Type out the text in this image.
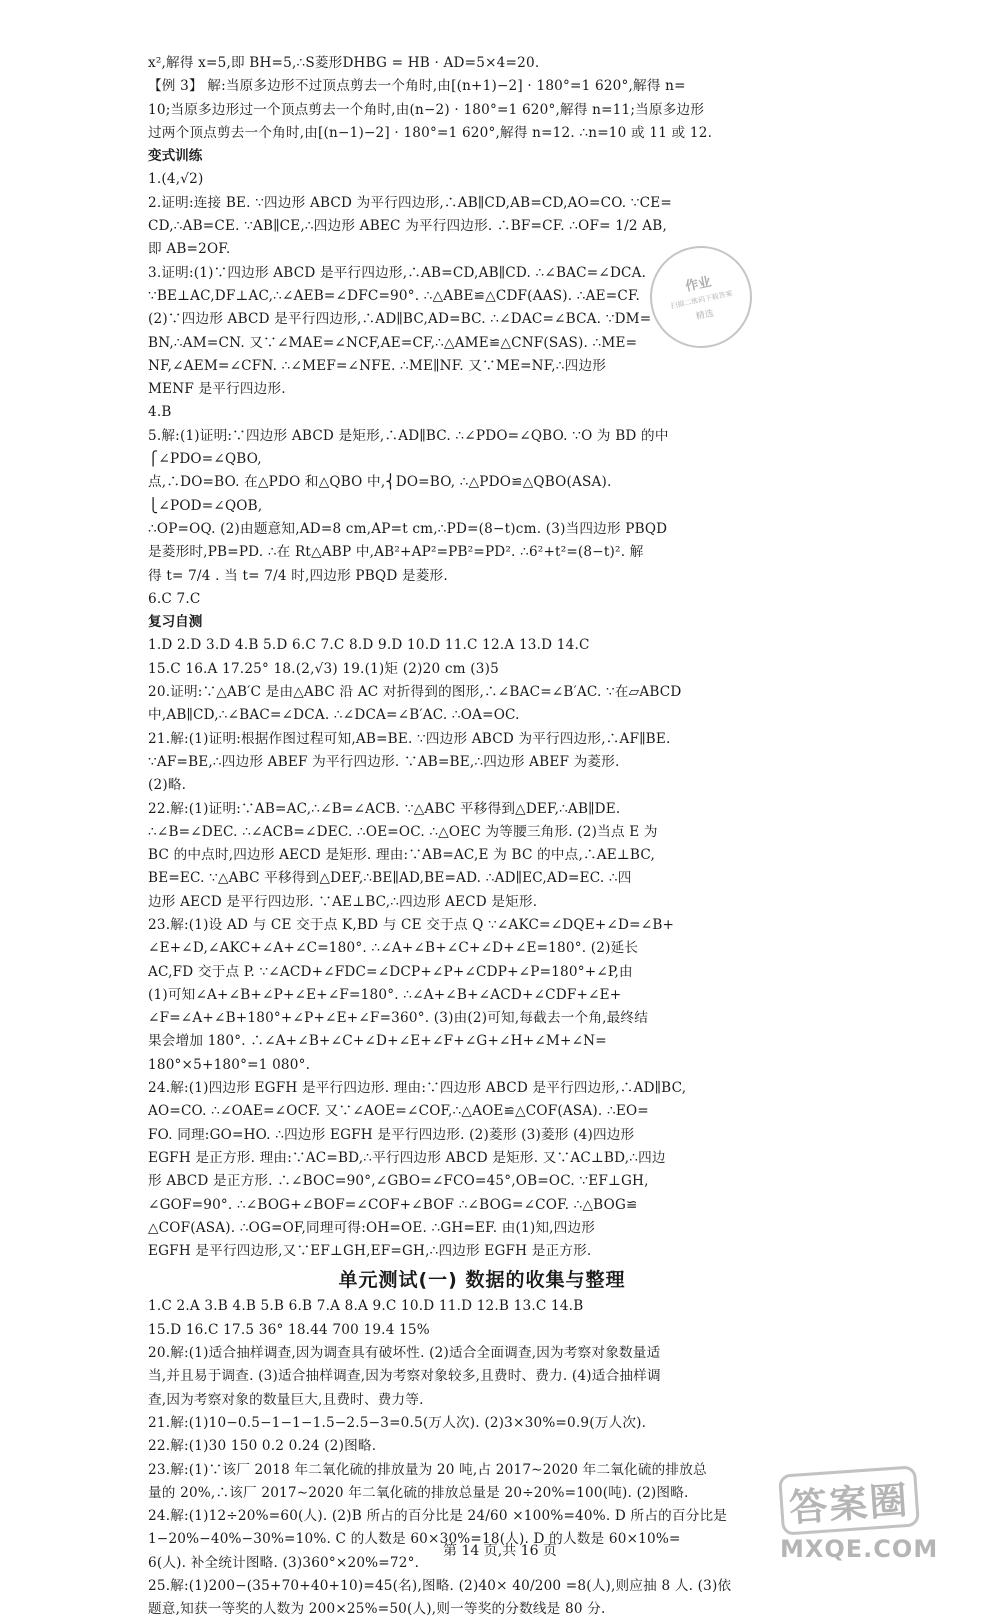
x²,解得 x=5,即 BH=5,∴S菱形DHBG = HB · AD=5×4=20.
【例 3】 解:当原多边形不过顶点剪去一个角时,由[(n+1)−2] · 180°=1 620°,解得 n=
10;当原多边形过一个顶点剪去一个角时,由(n−2) · 180°=1 620°,解得 n=11;当原多边形
过两个顶点剪去一个角时,由[(n−1)−2] · 180°=1 620°,解得 n=12. ∴n=10 或 11 或 12.
变式训练
1.(4,√2)
2.证明:连接 BE. ∵四边形 ABCD 为平行四边形,∴AB∥CD,AB=CD,AO=CO. ∵CE=
CD,∴AB=CE. ∵AB∥CE,∴四边形 ABEC 为平行四边形. ∴BF=CF. ∴OF= 1/2 AB,
即 AB=2OF.
3.证明:(1)∵四边形 ABCD 是平行四边形,∴AB=CD,AB∥CD. ∴∠BAC=∠DCA.
∵BE⊥AC,DF⊥AC,∴∠AEB=∠DFC=90°. ∴△ABE≌△CDF(AAS). ∴AE=CF.
(2)∵四边形 ABCD 是平行四边形,∴AD∥BC,AD=BC. ∴∠DAC=∠BCA. ∵DM=
BN,∴AM=CN. 又∵∠MAE=∠NCF,AE=CF,∴△AME≌△CNF(SAS). ∴ME=
NF,∠AEM=∠CFN. ∴∠MEF=∠NFE. ∴ME∥NF. 又∵ME=NF,∴四边形
MENF 是平行四边形.
4.B
5.解:(1)证明:∵四边形 ABCD 是矩形,∴AD∥BC. ∴∠PDO=∠QBO. ∵O 为 BD 的中
⎧∠PDO=∠QBO,
点,∴DO=BO. 在△PDO 和△QBO 中,⎨DO=BO, ∴△PDO≌△QBO(ASA).
⎩∠POD=∠QOB,
∴OP=OQ. (2)由题意知,AD=8 cm,AP=t cm,∴PD=(8−t)cm. (3)当四边形 PBQD
是菱形时,PB=PD. ∴在 Rt△ABP 中,AB²+AP²=PB²=PD². ∴6²+t²=(8−t)². 解
得 t= 7/4 . 当 t= 7/4 时,四边形 PBQD 是菱形.
6.C 7.C
复习自测
1.D 2.D 3.D 4.B 5.D 6.C 7.C 8.D 9.D 10.D 11.C 12.A 13.D 14.C
15.C 16.A 17.25° 18.(2,√3) 19.(1)矩 (2)20 cm (3)5
20.证明:∵△AB′C 是由△ABC 沿 AC 对折得到的图形,∴∠BAC=∠B′AC. ∵在▱ABCD
中,AB∥CD,∴∠BAC=∠DCA. ∴∠DCA=∠B′AC. ∴OA=OC.
21.解:(1)证明:根据作图过程可知,AB=BE. ∵四边形 ABCD 为平行四边形,∴AF∥BE.
∵AF=BE,∴四边形 ABEF 为平行四边形. ∵AB=BE,∴四边形 ABEF 为菱形.
(2)略.
22.解:(1)证明:∵AB=AC,∴∠B=∠ACB. ∵△ABC 平移得到△DEF,∴AB∥DE.
∴∠B=∠DEC. ∴∠ACB=∠DEC. ∴OE=OC. ∴△OEC 为等腰三角形. (2)当点 E 为
BC 的中点时,四边形 AECD 是矩形. 理由:∵AB=AC,E 为 BC 的中点,∴AE⊥BC,
BE=EC. ∵△ABC 平移得到△DEF,∴BE∥AD,BE=AD. ∴AD∥EC,AD=EC. ∴四
边形 AECD 是平行四边形. ∵AE⊥BC,∴四边形 AECD 是矩形.
23.解:(1)设 AD 与 CE 交于点 K,BD 与 CE 交于点 Q ∵∠AKC=∠DQE+∠D=∠B+
∠E+∠D,∠AKC+∠A+∠C=180°. ∴∠A+∠B+∠C+∠D+∠E=180°. (2)延长
AC,FD 交于点 P. ∵∠ACD+∠FDC=∠DCP+∠P+∠CDP+∠P=180°+∠P,由
(1)可知∠A+∠B+∠P+∠E+∠F=180°. ∴∠A+∠B+∠ACD+∠CDF+∠E+
∠F=∠A+∠B+180°+∠P+∠E+∠F=360°. (3)由(2)可知,每截去一个角,最终结
果会增加 180°. ∴∠A+∠B+∠C+∠D+∠E+∠F+∠G+∠H+∠M+∠N=
180°×5+180°=1 080°.
24.解:(1)四边形 EGFH 是平行四边形. 理由:∵四边形 ABCD 是平行四边形,∴AD∥BC,
AO=CO. ∴∠OAE=∠OCF. 又∵∠AOE=∠COF,∴△AOE≌△COF(ASA). ∴EO=
FO. 同理:GO=HO. ∴四边形 EGFH 是平行四边形. (2)菱形 (3)菱形 (4)四边形
EGFH 是正方形. 理由:∵AC=BD,∴平行四边形 ABCD 是矩形. 又∵AC⊥BD,∴四边
形 ABCD 是正方形. ∴∠BOC=90°,∠GBO=∠FCO=45°,OB=OC. ∵EF⊥GH,
∠GOF=90°. ∴∠BOG+∠BOF=∠COF+∠BOF ∴∠BOG=∠COF. ∴△BOG≌
△COF(ASA). ∴OG=OF,同理可得:OH=OE. ∴GH=EF. 由(1)知,四边形
EGFH 是平行四边形,又∵EF⊥GH,EF=GH,∴四边形 EGFH 是正方形.
单元测试(一) 数据的收集与整理
1.C 2.A 3.B 4.B 5.B 6.B 7.A 8.A 9.C 10.D 11.D 12.B 13.C 14.B
15.D 16.C 17.5 36° 18.44 700 19.4 15%
20.解:(1)适合抽样调查,因为调查具有破坏性. (2)适合全面调查,因为考察对象数量适
当,并且易于调查. (3)适合抽样调查,因为考察对象较多,且费时、费力. (4)适合抽样调
查,因为考察对象的数量巨大,且费时、费力等.
21.解:(1)10−0.5−1−1−1.5−2.5−3=0.5(万人次). (2)3×30%=0.9(万人次).
22.解:(1)30 150 0.2 0.24 (2)图略.
23.解:(1)∵该厂 2018 年二氧化硫的排放量为 20 吨,占 2017∼2020 年二氧化硫的排放总
量的 20%,∴该厂 2017∼2020 年二氧化硫的排放总量是 20÷20%=100(吨). (2)图略.
24.解:(1)12÷20%=60(人). (2)B 所占的百分比是 24/60 ×100%=40%. D 所占的百分比是
1−20%−40%−30%=10%. C 的人数是 60×30%=18(人). D 的人数是 60×10%=
6(人). 补全统计图略. (3)360°×20%=72°.
25.解:(1)200−(35+70+40+10)=45(名),图略. (2)40× 40/200 =8(人),则应抽 8 人. (3)依
题意,知获一等奖的人数为 200×25%=50(人),则一等奖的分数线是 80 分.
作业
扫描二维码下载答案
精选
第 14 页,共 16 页
答案圈
MXQE.COM
